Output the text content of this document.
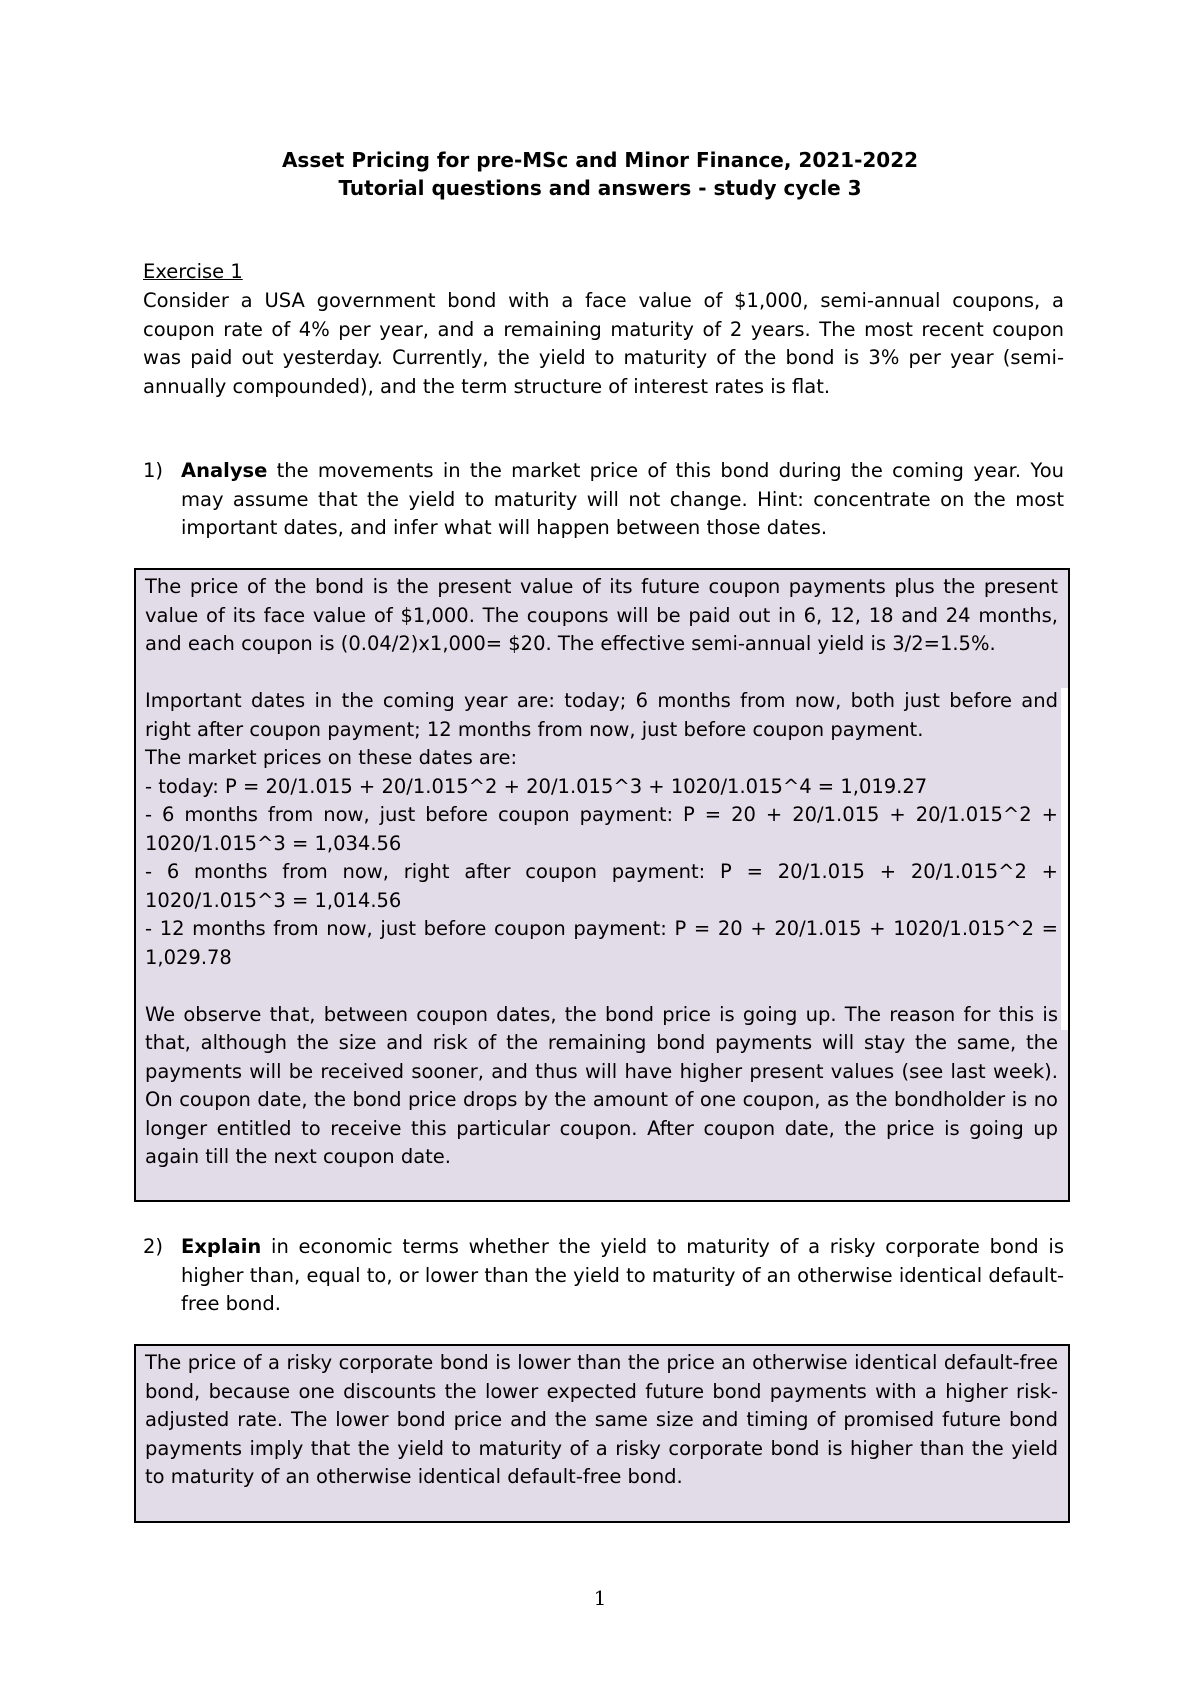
Asset Pricing for pre-MSc and Minor Finance, 2021-2022
Tutorial questions and answers - study cycle 3
Exercise 1
Consider a USA government bond with a face value of $1,000, semi-annual coupons, a coupon rate of 4% per year, and a remaining maturity of 2 years. The most recent coupon was paid out yesterday. Currently, the yield to maturity of the bond is 3% per year (semi-annually compounded), and the term structure of interest rates is flat.
1) Analyse the movements in the market price of this bond during the coming year. You may assume that the yield to maturity will not change. Hint: concentrate on the most important dates, and infer what will happen between those dates.

The price of the bond is the present value of its future coupon payments plus the present value of its face value of $1,000. The coupons will be paid out in 6, 12, 18 and 24 months, and each coupon is (0.04/2)x1,000= $20. The effective semi-annual yield is 3/2=1.5%.

Important dates in the coming year are: today; 6 months from now, both just before and right after coupon payment; 12 months from now, just before coupon payment.

The market prices on these dates are:

- today: P = 20/1.015 + 20/1.015^2 + 20/1.015^3 + 1020/1.015^4 = 1,019.27

- 6 months from now, just before coupon payment: P = 20 + 20/1.015 + 20/1.015^2 + 1020/1.015^3 = 1,034.56

- 6 months from now, right after coupon payment: P = 20/1.015 + 20/1.015^2 + 1020/1.015^3 = 1,014.56

- 12 months from now, just before coupon payment: P = 20 + 20/1.015 + 1020/1.015^2 = 1,029.78

We observe that, between coupon dates, the bond price is going up. The reason for this is that, although the size and risk of the remaining bond payments will stay the same, the payments will be received sooner, and thus will have higher present values (see last week). On coupon date, the bond price drops by the amount of one coupon, as the bondholder is no longer entitled to receive this particular coupon. After coupon date, the price is going up again till the next coupon date.

2) Explain in economic terms whether the yield to maturity of a risky corporate bond is higher than, equal to, or lower than the yield to maturity of an otherwise identical default-free bond.

The price of a risky corporate bond is lower than the price an otherwise identical default-free bond, because one discounts the lower expected future bond payments with a higher risk-adjusted rate. The lower bond price and the same size and timing of promised future bond payments imply that the yield to maturity of a risky corporate bond is higher than the yield to maturity of an otherwise identical default-free bond.

1
